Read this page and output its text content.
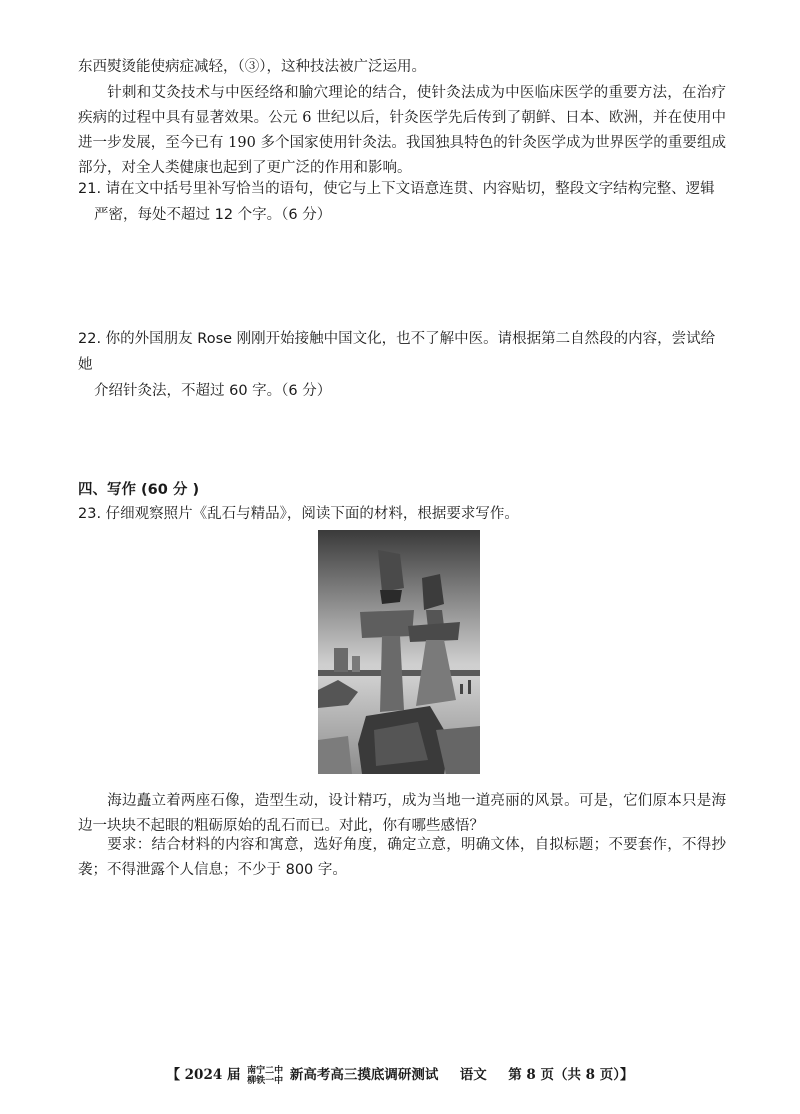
东西熨烫能使病症减轻，（③），这种技法被广泛运用。
针刺和艾灸技术与中医经络和腧穴理论的结合，使针灸法成为中医临床医学的重要方法，在治疗疾病的过程中具有显著效果。公元 6 世纪以后，针灸医学先后传到了朝鲜、日本、欧洲，并在使用中进一步发展，至今已有 190 多个国家使用针灸法。我国独具特色的针灸医学成为世界医学的重要组成部分，对全人类健康也起到了更广泛的作用和影响。
21. 请在文中括号里补写恰当的语句，使它与上下文语意连贯、内容贴切，整段文字结构完整、逻辑
严密，每处不超过 12 个字。（6 分）
22. 你的外国朋友 Rose 刚刚开始接触中国文化，也不了解中医。请根据第二自然段的内容，尝试给她
介绍针灸法，不超过 60 字。（6 分）
四、写作 (60 分 )
23. 仔细观察照片《乱石与精品》，阅读下面的材料，根据要求写作。
海边矗立着两座石像，造型生动，设计精巧，成为当地一道亮丽的风景。可是，它们原本只是海边一块块不起眼的粗砺原始的乱石而已。对此，你有哪些感悟？
要求：结合材料的内容和寓意，选好角度，确定立意，明确文体，自拟标题；不要套作，不得抄袭；不得泄露个人信息；不少于 800 字。
【 2024 届 南宁二中
柳铁一中 新高考高三摸底调研测试 语文 第 8 页（共 8 页）】
